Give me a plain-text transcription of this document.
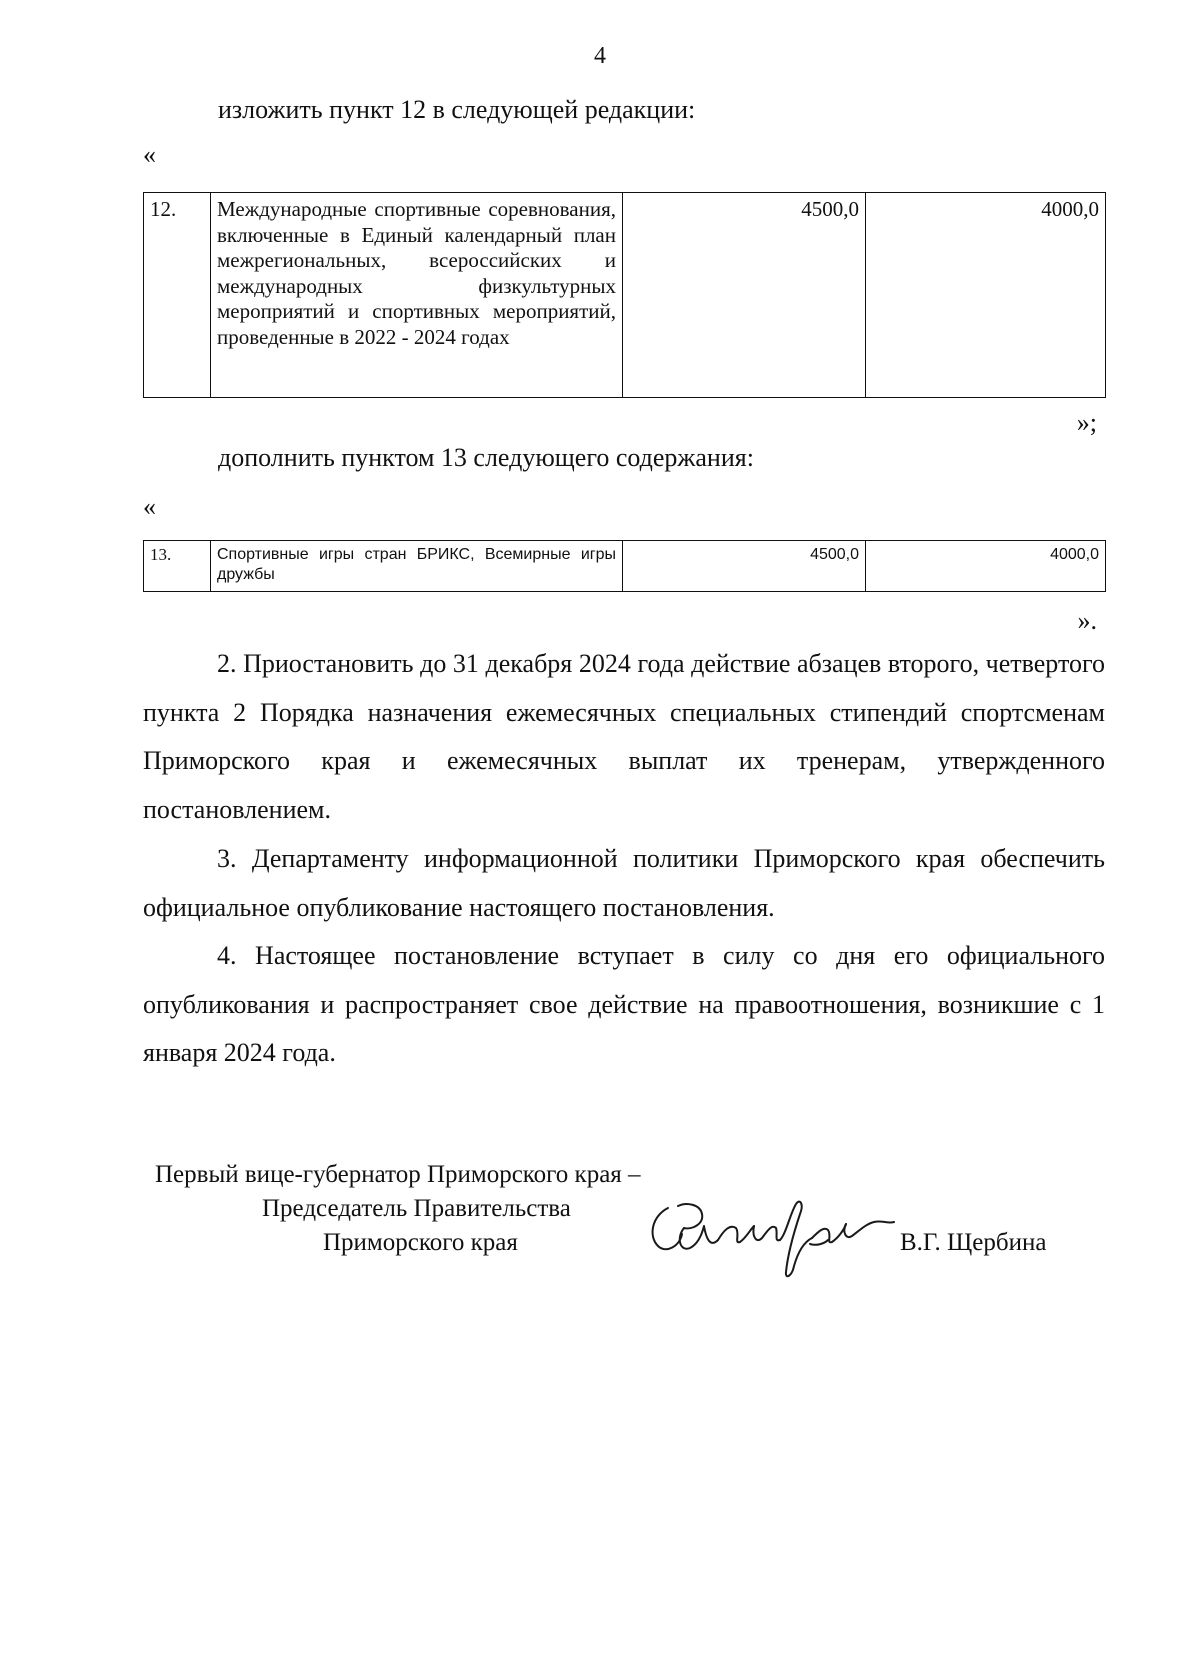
4
изложить пункт 12 в следующей редакции:
«
12.	Международные спортивные соревнования, включенные в Единый календарный план межрегиональных, всероссийских и международных физкультурных мероприятий и спортивных мероприятий, проведенные в 2022 - 2024 годах	4500,0	4000,0
»;
дополнить пунктом 13 следующего содержания:
«
13.	Спортивные игры стран БРИКС, Всемирные игры дружбы	4500,0	4000,0
».

2. Приостановить до 31 декабря 2024 года действие абзацев второго, четвертого пункта 2 Порядка назначения ежемесячных специальных стипендий спортсменам Приморского края и ежемесячных выплат их тренерам, утвержденного постановлением.

3. Департаменту информационной политики Приморского края обеспечить официальное опубликование настоящего постановления.

4. Настоящее постановление вступает в силу со дня его официального опубликования и распространяет свое действие на правоотношения, возникшие с 1 января 2024 года.

Первый вице-губернатор Приморского края –
Председатель Правительства
Приморского края	В.Г. Щербина
